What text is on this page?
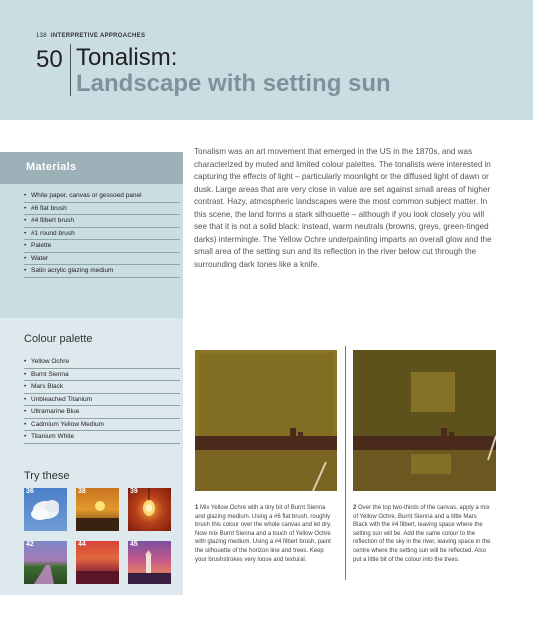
138 INTERPRETIVE APPROACHES
50 Tonalism:
Landscape with setting sun
Materials
• White paper, canvas or gessoed panel
• #6 flat brush
• #4 filbert brush
• #1 round brush
• Palette
• Water
• Satin acrylic glazing medium
Colour palette
• Yellow Ochre
• Burnt Sienna
• Mars Black
• Unbleached Titanium
• Ultramarine Blue
• Cadmium Yellow Medium
• Titanium White
Try these
36	38	39
42	44	45

Tonalism was an art movement that emerged in the US in the 1870s, and was characterized by muted and limited colour palettes. The tonalists were interested in capturing the effects of light – particularly moonlight or the diffused light of dawn or dusk. Large areas that are very close in value are set against small areas of higher contrast. Hazy, atmospheric landscapes were the most common subject matter. In this scene, the land forms a stark silhouette – although if you look closely you will see that it is not a solid black: instead, warm neutrals (browns, greys, green-tinged darks) intermingle. The Yellow Ochre underpainting imparts an overall glow and the small area of the setting sun and its reflection in the river below cut through the surrounding dark tones like a knife.

1 Mix Yellow Ochre with a tiny bit of Burnt Sienna and glazing medium. Using a #6 flat brush, roughly brush this colour over the whole canvas and let dry. Now mix Burnt Sienna and a touch of Yellow Ochre with glazing medium. Using a #4 filbert brush, paint the silhouette of the horizon line and trees. Keep your brushstrokes very loose and textural.

2 Over the top two-thirds of the canvas, apply a mix of Yellow Ochre, Burnt Sienna and a little Mars Black with the #4 filbert, leaving space where the setting sun will be. Add the same colour to the reflection of the sky in the river, leaving space in the centre where the setting sun will be reflected. Also put a little bit of the colour into the trees.
